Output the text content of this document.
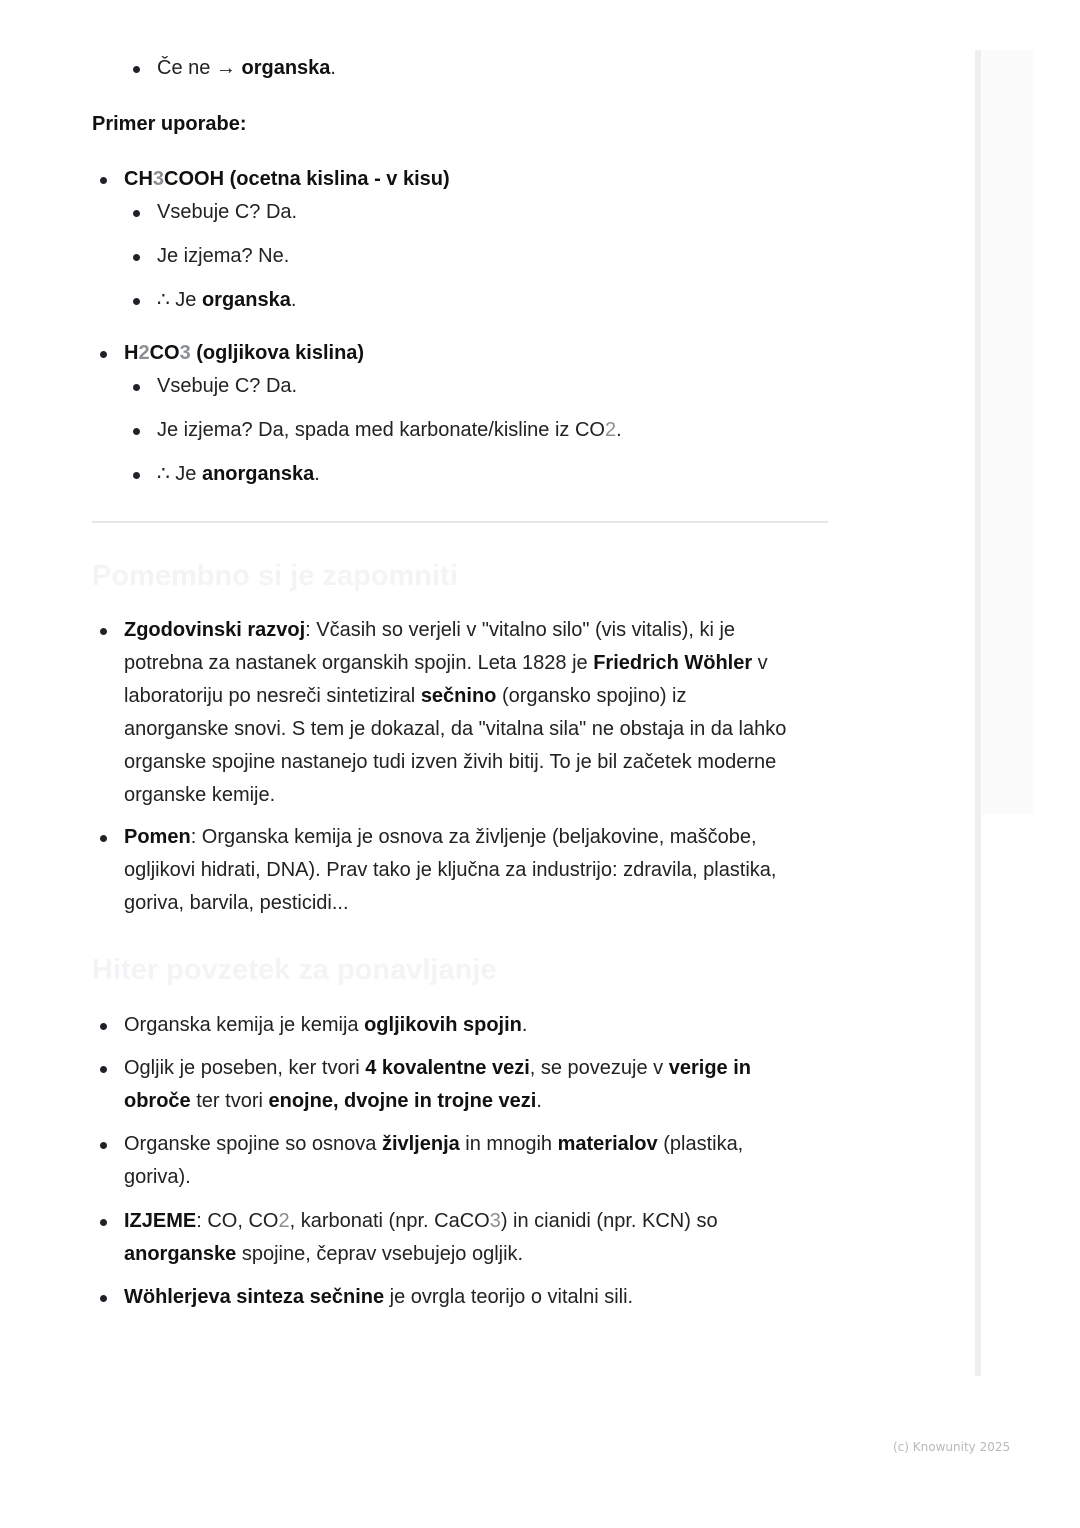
Če ne → organska.
Primer uporabe:
CH3COOH (ocetna kislina - v kisu)
Vsebuje C? Da.
Je izjema? Ne.
∴ Je organska.
H2CO3 (ogljikova kislina)
Vsebuje C? Da.
Je izjema? Da, spada med karbonate/kisline iz CO2.
∴ Je anorganska.
Pomembno si je zapomniti
Zgodovinski razvoj: Včasih so verjeli v "vitalno silo" (vis vitalis), ki je
potrebna za nastanek organskih spojin. Leta 1828 je Friedrich Wöhler v
laboratoriju po nesreči sintetiziral sečnino (organsko spojino) iz
anorganske snovi. S tem je dokazal, da "vitalna sila" ne obstaja in da lahko
organske spojine nastanejo tudi izven živih bitij. To je bil začetek moderne
organske kemije.
Pomen: Organska kemija je osnova za življenje (beljakovine, maščobe,
ogljikovi hidrati, DNA). Prav tako je ključna za industrijo: zdravila, plastika,
goriva, barvila, pesticidi...
Hiter povzetek za ponavljanje
Organska kemija je kemija ogljikovih spojin.
Ogljik je poseben, ker tvori 4 kovalentne vezi, se povezuje v verige in
obroče ter tvori enojne, dvojne in trojne vezi.
Organske spojine so osnova življenja in mnogih materialov (plastika,
goriva).
IZJEME: CO, CO2, karbonati (npr. CaCO3) in cianidi (npr. KCN) so
anorganske spojine, čeprav vsebujejo ogljik.
Wöhlerjeva sinteza sečnine je ovrgla teorijo o vitalni sili.
(c) Knowunity 2025
